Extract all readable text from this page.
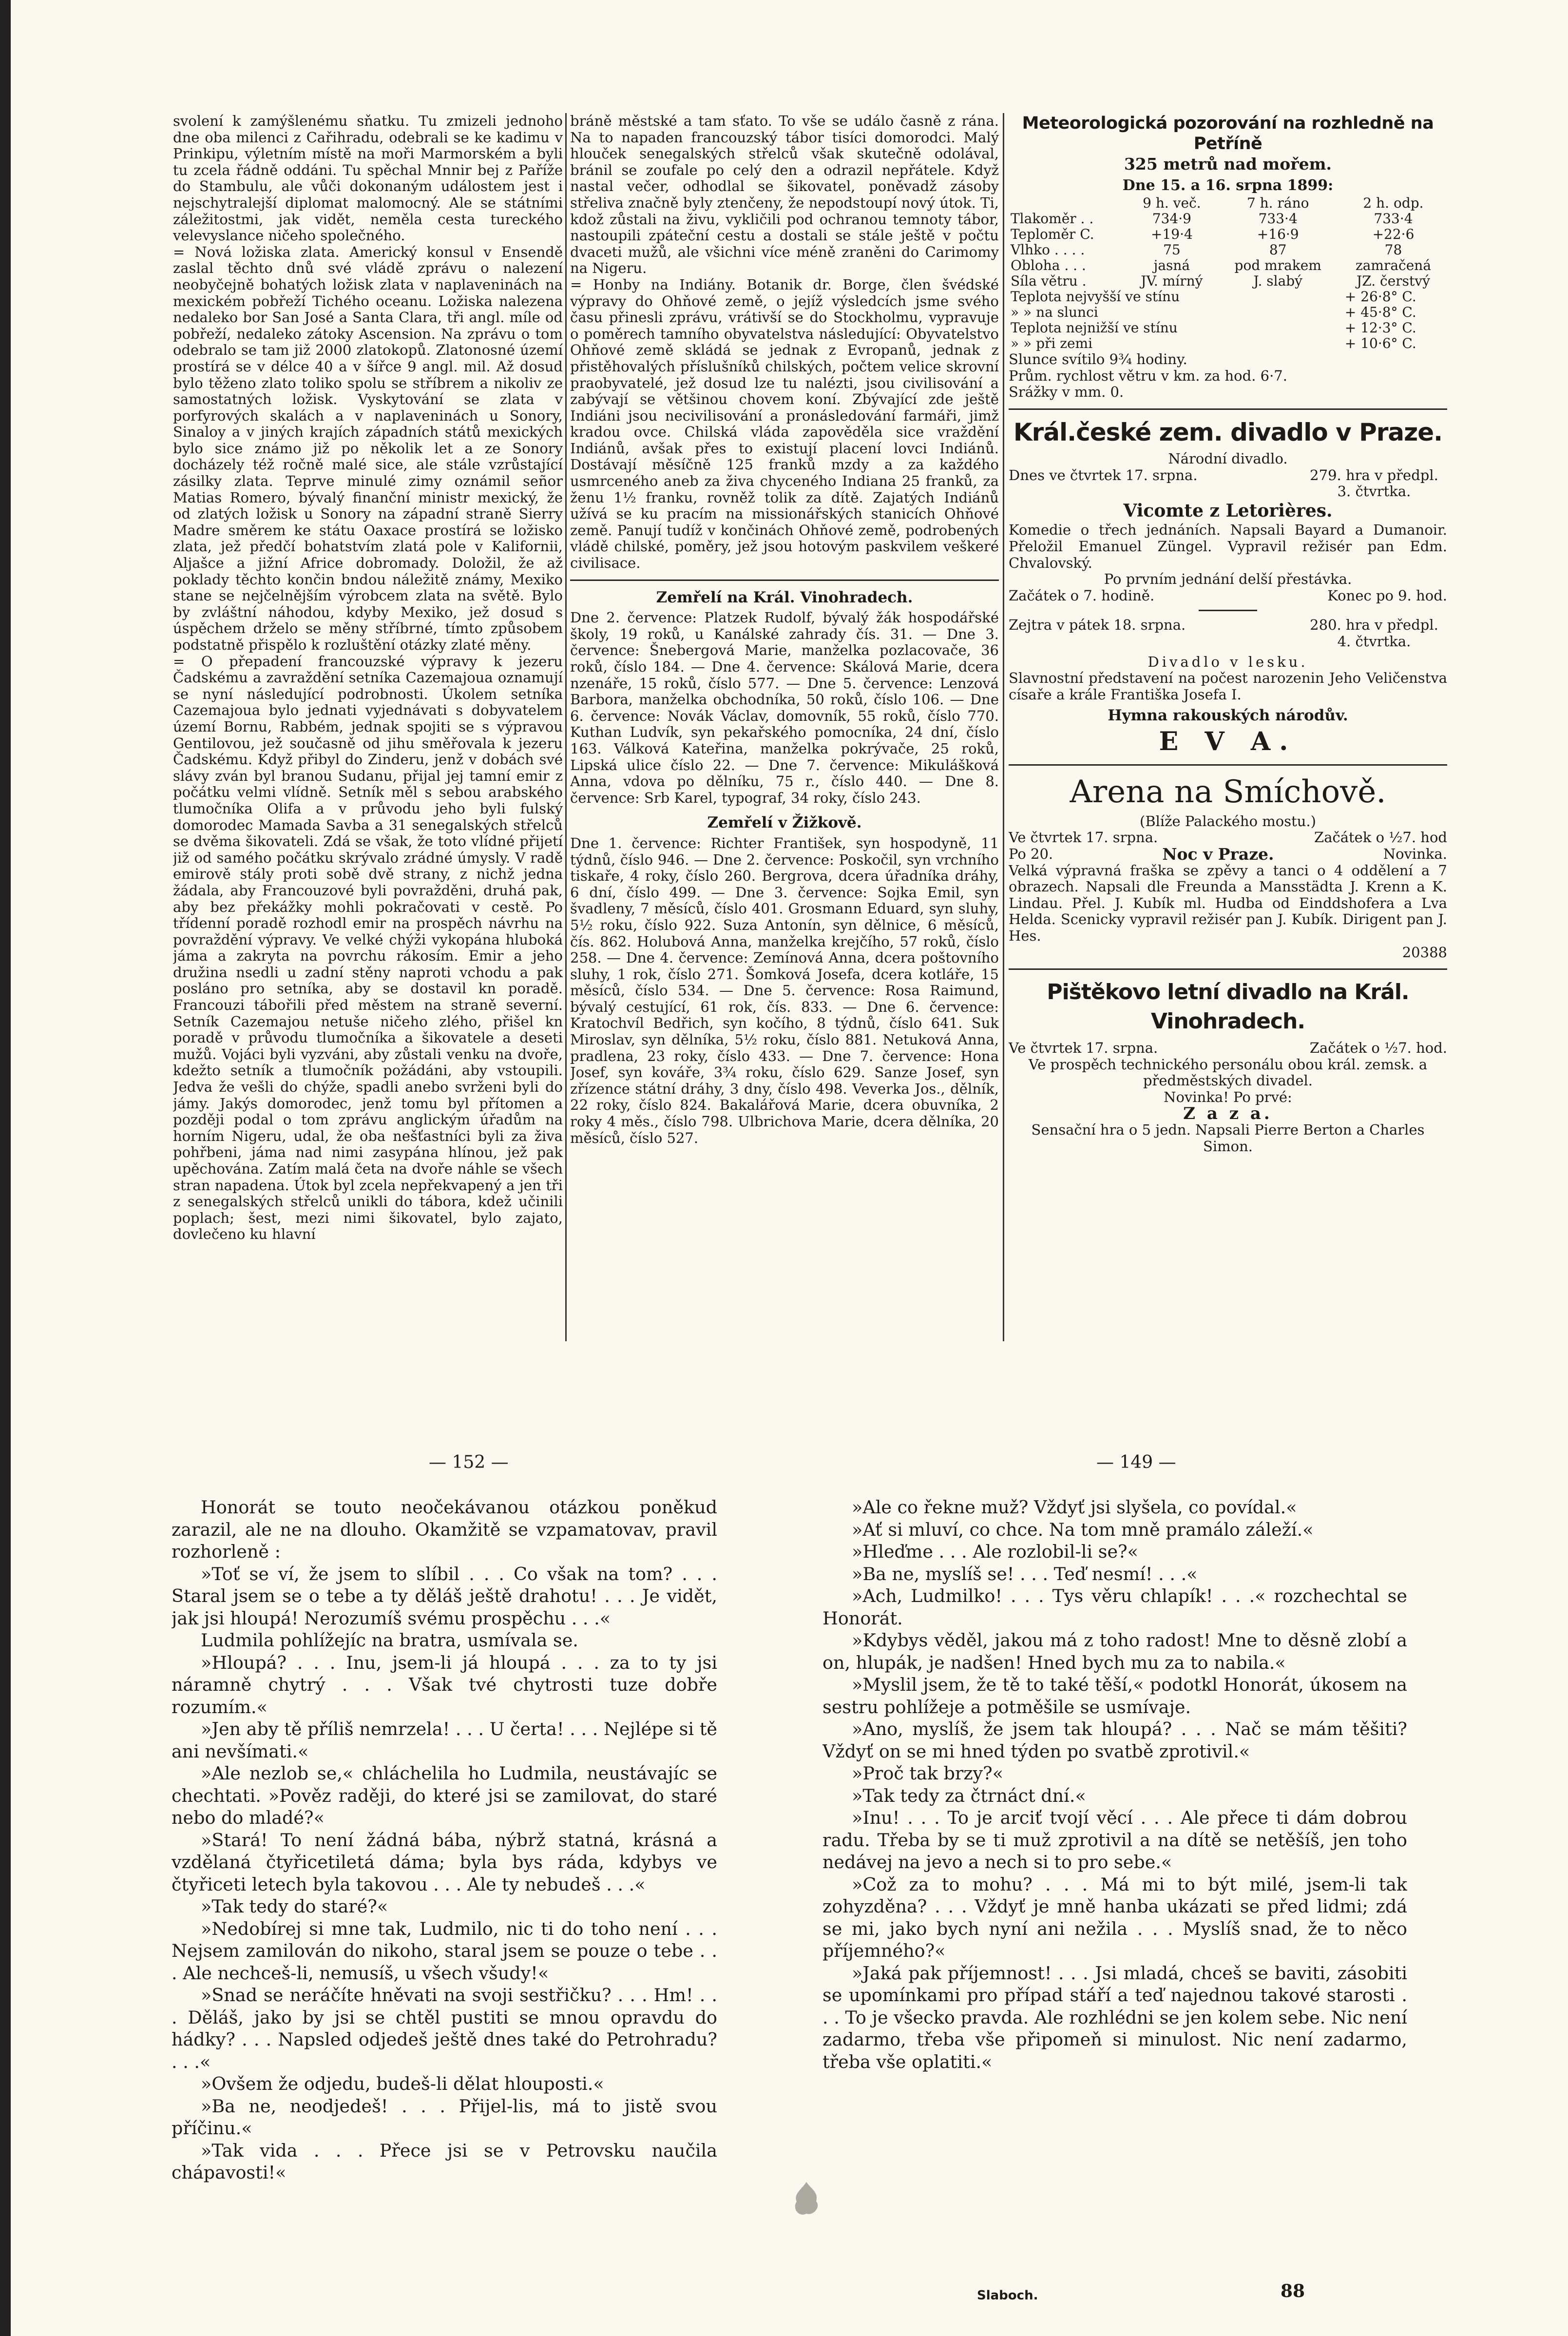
svolení k zamýšlenému sňatku. Tu zmizeli jednoho dne oba milenci z Cařihradu, odebrali se ke kadimu v Prinkipu, výletním místě na moři Marmorském a byli tu zcela řádně oddáni. Tu spěchal Mnnir bej z Paříže do Stambulu, ale vůči dokonaným událostem jest i nejschytralejší diplomat malomocný. Ale se státními záležitostmi, jak vidět, neměla cesta tureckého velevyslance ničeho společného.

= Nová ložiska zlata. Americký konsul v Ensendě zaslal těchto dnů své vládě zprávu o nalezení neobyčejně bohatých ložisk zlata v naplaveninách na mexickém pobřeží Tichého oceanu. Ložiska nalezena nedaleko bor San José a Santa Clara, tři angl. míle od pobřeží, nedaleko zátoky Ascension. Na zprávu o tom odebralo se tam již 2000 zlatokopů. Zlatonosné území prostírá se v délce 40 a v šířce 9 angl. mil. Až dosud bylo těženo zlato toliko spolu se stříbrem a nikoliv ze samostatných ložisk. Vyskytování se zlata v porfyrových skalách a v naplaveninách u Sonory, Sinaloy a v jiných krajích západních států mexických bylo sice známo již po několik let a ze Sonory docházely též ročně malé sice, ale stále vzrůstající zásilky zlata. Teprve minulé zimy oznámil señor Matias Romero, bývalý finanční ministr mexický, že od zlatých ložisk u Sonory na západní straně Sierry Madre směrem ke státu Oaxace prostírá se ložisko zlata, jež předčí bohatstvím zlatá pole v Kalifornii, Aljašce a jižní Africe dobromady. Doložil, že až poklady těchto končin bndou náležitě známy, Mexiko stane se nejčelnějším výrobcem zlata na světě. Bylo by zvláštní náhodou, kdyby Mexiko, jež dosud s úspěchem drželo se měny stříbrné, tímto způsobem podstatně přispělo k rozluštění otázky zlaté měny.

= O přepadení francouzské výpravy k jezeru Čadskému a zavraždění setníka Cazemajoua oznamují se nyní následující podrobnosti. Úkolem setníka Cazemajoua bylo jednati vyjednávati s dobyvatelem území Bornu, Rabbém, jednak spojiti se s výpravou Gentilovou, jež současně od jihu směřovala k jezeru Čadskému. Když přibyl do Zinderu, jenž v dobách své slávy zván byl branou Sudanu, přijal jej tamní emir z počátku velmi vlídně. Setník měl s sebou arabského tlumočníka Olifa a v průvodu jeho byli fulský domorodec Mamada Savba a 31 senegalských střelců se dvěma šikovateli. Zdá se však, že toto vlídné přijetí již od samého počátku skrývalo zrádné úmysly. V radě emirově stály proti sobě dvě strany, z nichž jedna žádala, aby Francouzové byli povražděni, druhá pak, aby bez překážky mohli pokračovati v cestě. Po třídenní poradě rozhodl emir na prospěch návrhu na povraždění výpravy. Ve velké chýži vykopána hluboká jáma a zakryta na povrchu rákosím. Emir a jeho družina nsedli u zadní stěny naproti vchodu a pak posláno pro setníka, aby se dostavil kn poradě. Francouzi tábořili před městem na straně severní. Setník Cazemajou netuše ničeho zlého, přišel kn poradě v průvodu tlumočníka a šikovatele a deseti mužů. Vojáci byli vyzváni, aby zůstali venku na dvoře, kdežto setník a tlumočník požádáni, aby vstoupili. Jedva že vešli do chýže, spadli anebo svrženi byli do jámy. Jakýs domorodec, jenž tomu byl přítomen a později podal o tom zprávu anglickým úřadům na horním Nigeru, udal, že oba nešťastníci byli za živa pohřbeni, jáma nad nimi zasypána hlínou, jež pak upěchována. Zatím malá četa na dvoře náhle se všech stran napadena. Útok byl zcela nepřekvapený a jen tři z senegalských střelců unikli do tábora, kdež učinili poplach; šest, mezi nimi šikovatel, bylo zajato, dovlečeno ku hlavní

bráně městské a tam sťato. To vše se událo časně z rána. Na to napaden francouzský tábor tisíci domorodci. Malý hlouček senegalských střelců však skutečně odolával, bránil se zoufale po celý den a odrazil nepřátele. Když nastal večer, odhodlal se šikovatel, poněvadž zásoby střeliva značně byly ztenčeny, že nepodstoupí nový útok. Ti, kdož zůstali na živu, vykličili pod ochranou temnoty tábor, nastoupili zpáteční cestu a dostali se stále ještě v počtu dvaceti mužů, ale všichni více méně zraněni do Carimomy na Nigeru.

= Honby na Indiány. Botanik dr. Borge, člen švédské výpravy do Ohňové země, o jejíž výsledcích jsme svého času přinesli zprávu, vrátivší se do Stockholmu, vypravuje o poměrech tamního obyvatelstva následující: Obyvatelstvo Ohňové země skládá se jednak z Evropanů, jednak z přistěhovalých příslušníků chilských, počtem velice skrovní praobyvatelé, jež dosud lze tu nalézti, jsou civilisování a zabývají se většinou chovem koní. Zbývající zde ještě Indiáni jsou necivilisování a pronásledování farmáři, jimž kradou ovce. Chilská vláda zapověděla sice vraždění Indiánů, avšak přes to existují placení lovci Indiánů. Dostávají měsíčně 125 franků mzdy a za každého usmrceného aneb za živa chyceného Indiana 25 franků, za ženu 1½ franku, rovněž tolik za dítě. Zajatých Indiánů užívá se ku pracím na missionářských stanicích Ohňové země. Panují tudíž v končinách Ohňové země, podrobených vládě chilské, poměry, jež jsou hotovým paskvilem veškeré civilisace.

Zemřelí na Král. Vinohradech.

Dne 2. července: Platzek Rudolf, bývalý žák hospodářské školy, 19 roků, u Kanálské zahrady čís. 31. — Dne 3. července: Šnebergová Marie, manželka pozlacovače, 36 roků, číslo 184. — Dne 4. července: Skálová Marie, dcera nzenáře, 15 roků, číslo 577. — Dne 5. července: Lenzová Barbora, manželka obchodníka, 50 roků, číslo 106. — Dne 6. července: Novák Václav, domovník, 55 roků, číslo 770. Kuthan Ludvík, syn pekařského pomocníka, 24 dní, číslo 163. Válková Kateřina, manželka pokrývače, 25 roků, Lipská ulice číslo 22. — Dne 7. července: Mikulášková Anna, vdova po dělníku, 75 r., číslo 440. — Dne 8. července: Srb Karel, typograf, 34 roky, číslo 243.

Zemřelí v Žižkově.

Dne 1. července: Richter František, syn hospodyně, 11 týdnů, číslo 946. — Dne 2. července: Poskočil, syn vrchního tiskaře, 4 roky, číslo 260. Bergrova, dcera úřadníka dráhy, 6 dní, číslo 499. — Dne 3. července: Sojka Emil, syn švadleny, 7 měsíců, číslo 401. Grosmann Eduard, syn sluhy, 5½ roku, číslo 922. Suza Antonín, syn dělnice, 6 měsíců, čís. 862. Holubová Anna, manželka krejčího, 57 roků, číslo 258. — Dne 4. července: Zemínová Anna, dcera poštovního sluhy, 1 rok, číslo 271. Šomková Josefa, dcera kotláře, 15 měsíců, číslo 534. — Dne 5. července: Rosa Raimund, bývalý cestující, 61 rok, čís. 833. — Dne 6. července: Kratochvíl Bedřich, syn kočího, 8 týdnů, číslo 641. Suk Miroslav, syn dělníka, 5½ roku, číslo 881. Netuková Anna, pradlena, 23 roky, číslo 433. — Dne 7. července: Hona Josef, syn kováře, 3¾ roku, číslo 629. Sanze Josef, syn zřízence státní dráhy, 3 dny, číslo 498. Veverka Jos., dělník, 22 roky, číslo 824. Bakalářová Marie, dcera obuvníka, 2 roky 4 měs., číslo 798. Ulbrichova Marie, dcera dělníka, 20 měsíců, číslo 527.

Meteorologická pozorování na rozhledně na Petříně
325 metrů nad mořem.
Dne 15. a 16. srpna 1899:
	9 h. več.	7 h. ráno	2 h. odp.
Tlakoměr . .	734·9	733·4	733·4
Teploměr C.	+19·4	+16·9	+22·6
Vlhko . . . .	75	87	78
Obloha . . .	jasná	pod mrakem	zamračená
Síla větru .	JV. mírný	J. slabý	JZ. čerstvý
Teplota nejvyšší ve stínu	+ 26·8° C.
» » na slunci	+ 45·8° C.
Teplota nejnižší ve stínu	+ 12·3° C.
» » při zemi	+ 10·6° C.
Slunce svítilo 9¾ hodiny.
Prům. rychlost větru v km. za hod. 6·7.
Srážky v mm. 0.
Král.české zem. divadlo v Praze.
Národní divadlo.
Dnes ve čtvrtek 17. srpna.	279. hra v předpl. 3. čtvrtka.
Vicomte z Letorières.

Komedie o třech jednáních. Napsali Bayard a Dumanoir. Přeložil Emanuel Züngel. Vypravil režisér pan Edm. Chvalovský.

Po prvním jednání delší přestávka.
Začátek o 7. hodině.	Konec po 9. hod.
Zejtra v pátek 18. srpna.	280. hra v předpl. 4. čtvrtka.
Divadlo v lesku.

Slavnostní představení na počest narozenin Jeho Veličenstva císaře a krále Františka Josefa I.

Hymna rakouských národův.
E V A.
Arena na Smíchově.
(Blíže Palackého mostu.)
Ve čtvrtek 17. srpna.	Začátek o ½7. hod
Po 20.	Noc v Praze.	Novinka.

Velká výpravná fraška se zpěvy a tanci o 4 oddělení a 7 obrazech. Napsali dle Freunda a Mansstädta J. Krenn a K. Lindau. Přel. J. Kubík ml. Hudba od Einddshofera a Lva Helda. Scenicky vypravil režisér pan J. Kubík. Dirigent pan J. Hes.

20388
Pištěkovo letní divadlo na Král. Vinohradech.
Ve čtvrtek 17. srpna.	Začátek o ½7. hod.

Ve prospěch technického personálu obou král. zemsk. a předměstských divadel.

Novinka! Po prvé:
Z a z a.

Sensační hra o 5 jedn. Napsali Pierre Berton a Charles Simon.

— 152 —	— 149 —

Honorát se touto neočekávanou otázkou poněkud zarazil, ale ne na dlouho. Okamžitě se vzpamatovav, pravil rozhorleně :

»Toť se ví, že jsem to slíbil . . . Co však na tom? . . . Staral jsem se o tebe a ty děláš ještě drahotu! . . . Je vidět, jak jsi hloupá! Nerozumíš svému prospěchu . . .«

Ludmila pohlížejíc na bratra, usmívala se.

»Hloupá? . . . Inu, jsem-li já hloupá . . . za to ty jsi náramně chytrý . . . Však tvé chytrosti tuze dobře rozumím.«

»Jen aby tě příliš nemrzela! . . . U čerta! . . . Nejlépe si tě ani nevšímati.«

»Ale nezlob se,« chláchelila ho Ludmila, neustávajíc se chechtati. »Pověz raději, do které jsi se zamilovat, do staré nebo do mladé?«

»Stará! To není žádná bába, nýbrž statná, krásná a vzdělaná čtyřicetiletá dáma; byla bys ráda, kdybys ve čtyřiceti letech byla takovou . . . Ale ty nebudeš . . .«

»Tak tedy do staré?«

»Nedobírej si mne tak, Ludmilo, nic ti do toho není . . . Nejsem zamilován do nikoho, staral jsem se pouze o tebe . . . Ale nechceš-li, nemusíš, u všech všudy!«

»Snad se neráčíte hněvati na svoji sestřičku? . . . Hm! . . . Děláš, jako by jsi se chtěl pustiti se mnou opravdu do hádky? . . . Napsled odjedeš ještě dnes také do Petrohradu? . . .«

»Ovšem že odjedu, budeš-li dělat hlouposti.«

»Ba ne, neodjedeš! . . . Přijel-lis, má to jistě svou příčinu.«

»Tak vida . . . Přece jsi se v Petrovsku naučila chápavosti!«

»Ale co řekne muž? Vždyť jsi slyšela, co povídal.«

»Ať si mluví, co chce. Na tom mně pramálo záleží.«

»Hleďme . . . Ale rozlobil-li se?«

»Ba ne, myslíš se! . . . Teď nesmí! . . .«

»Ach, Ludmilko! . . . Tys věru chlapík! . . .« rozchechtal se Honorát.

»Kdybys věděl, jakou má z toho radost! Mne to děsně zlobí a on, hlupák, je nadšen! Hned bych mu za to nabila.«

»Myslil jsem, že tě to také těší,« podotkl Honorát, úkosem na sestru pohlížeje a potměšile se usmívaje.

»Ano, myslíš, že jsem tak hloupá? . . . Nač se mám těšiti? Vždyť on se mi hned týden po svatbě zprotivil.«

»Proč tak brzy?«

»Tak tedy za čtrnáct dní.«

»Inu! . . . To je arciť tvojí věcí . . . Ale přece ti dám dobrou radu. Třeba by se ti muž zprotivil a na dítě se netěšíš, jen toho nedávej na jevo a nech si to pro sebe.«

»Což za to mohu? . . . Má mi to být milé, jsem-li tak zohyzděna? . . . Vždyť je mně hanba ukázati se před lidmi; zdá se mi, jako bych nyní ani nežila . . . Myslíš snad, že to něco příjemného?«

»Jaká pak příjemnost! . . . Jsi mladá, chceš se baviti, zásobiti se upomínkami pro případ stáří a teď najednou takové starosti . . . To je všecko pravda. Ale rozhlédni se jen kolem sebe. Nic není zadarmo, třeba vše připomeň si minulost. Nic není zadarmo, třeba vše oplatiti.«

Slaboch.	88
